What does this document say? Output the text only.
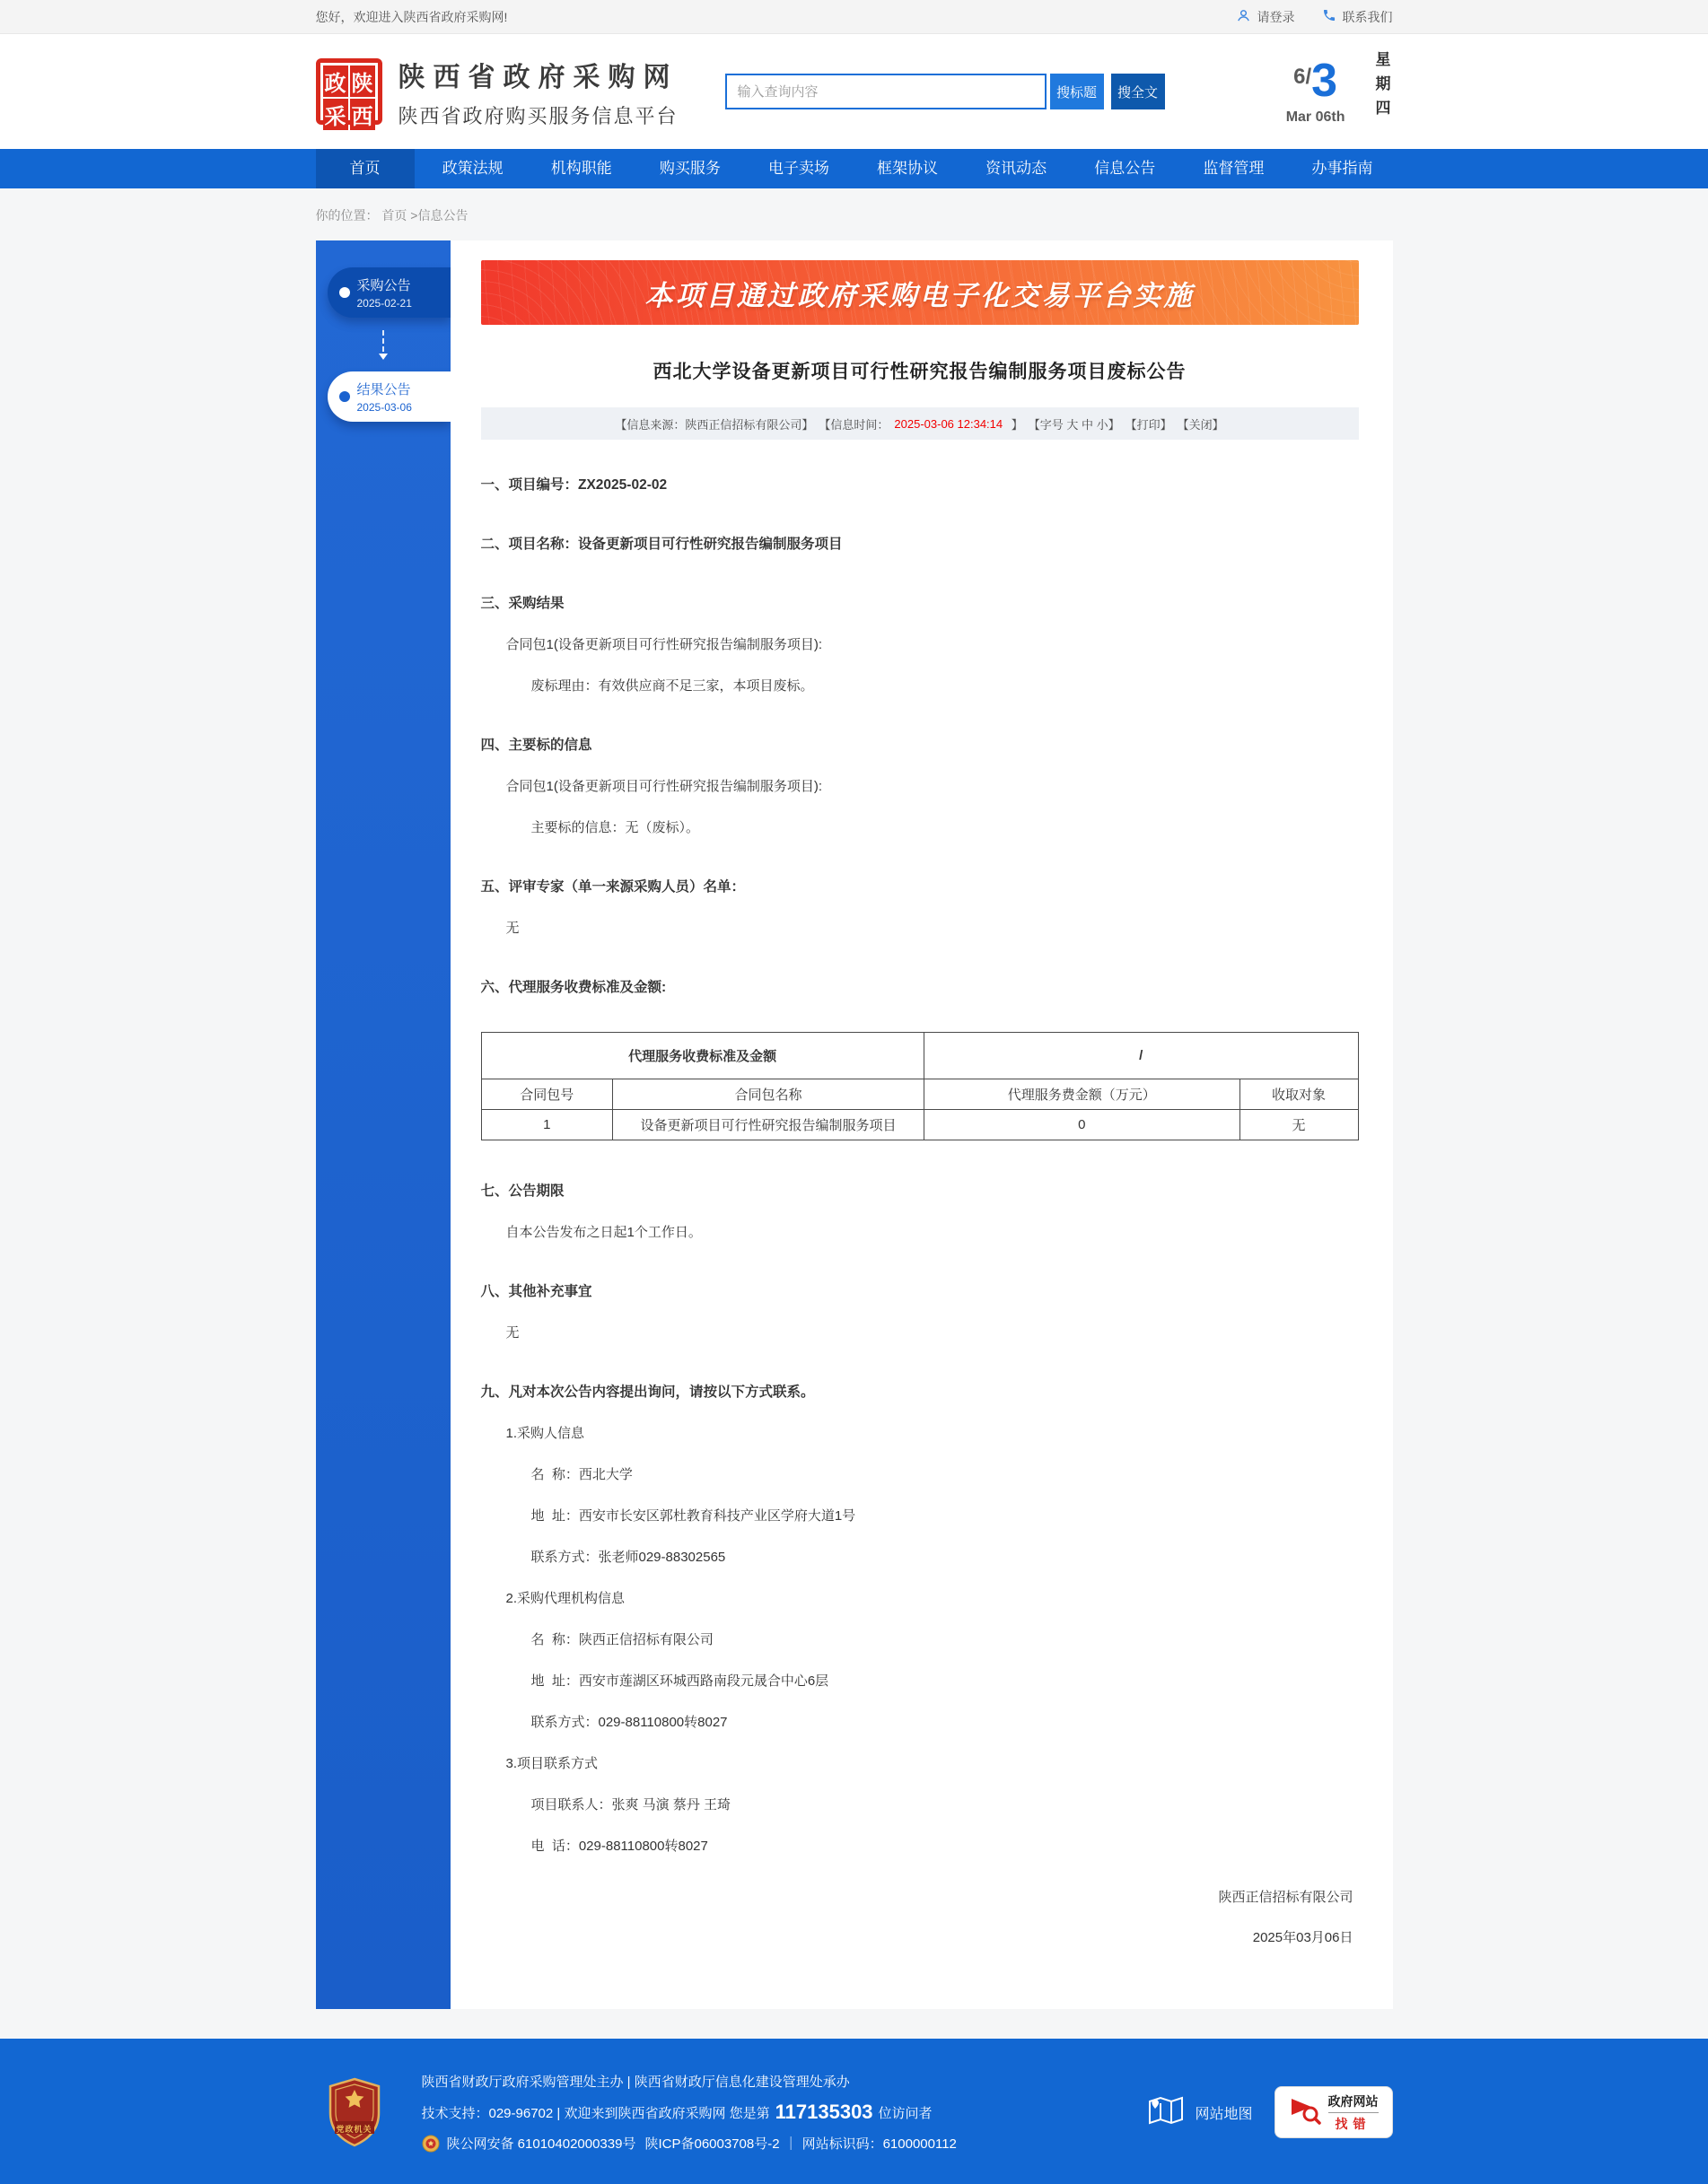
您好，欢迎进入陕西省政府采购网!	请登录	联系我们
政 陕
采 西
陕西省政府采购网
陕西省政府购买服务信息平台
输入查询内容
搜标题	搜全文
6/ 3
Mar 06th 星期四
首页	政策法规	机构职能	购买服务	电子卖场	框架协议	资讯动态	信息公告	监督管理	办事指南
你的位置： 首页 >信息公告
采购公告
2025-02-21
结果公告
2025-03-06
本项目通过政府采购电子化交易平台实施
西北大学设备更新项目可行性研究报告编制服务项目废标公告
【信息来源：陕西正信招标有限公司】 【信息时间： 2025-03-06 12:34:14 】 【字号 大 中 小】 【打印】 【关闭】
一、项目编号：ZX2025-02-02
二、项目名称：设备更新项目可行性研究报告编制服务项目
三、采购结果
合同包1(设备更新项目可行性研究报告编制服务项目):
废标理由：有效供应商不足三家，本项目废标。
四、主要标的信息
合同包1(设备更新项目可行性研究报告编制服务项目):
主要标的信息：无（废标）。
五、评审专家（单一来源采购人员）名单：
无
六、代理服务收费标准及金额:
代理服务收费标准及金额		/	
合同包号	合同包名称	代理服务费金额（万元）	收取对象
1	设备更新项目可行性研究报告编制服务项目	0	无
七、公告期限
自本公告发布之日起1个工作日。
八、其他补充事宜
无
九、凡对本次公告内容提出询问，请按以下方式联系。
1.采购人信息
名  称：西北大学
地  址：西安市长安区郭杜教育科技产业区学府大道1号
联系方式：张老师029-88302565
2.采购代理机构信息
名  称：陕西正信招标有限公司
地  址：西安市莲湖区环城西路南段元晟合中心6层
联系方式：029-88110800转8027
3.项目联系方式
项目联系人：张爽 马演 蔡丹 王琦
电  话：029-88110800转8027
陕西正信招标有限公司
2025年03月06日
党政机关
陕西省财政厅政府采购管理处主办 | 陕西省财政厅信息化建设管理处承办
技术支持：029-96702 | 欢迎来到陕西省政府采购网 您是第 117135303 位访问者
陕公网安备 61010402000339号 陕ICP备06003708号-2 ｜ 网站标识码：6100000112
网站地图
政府网站
找错
